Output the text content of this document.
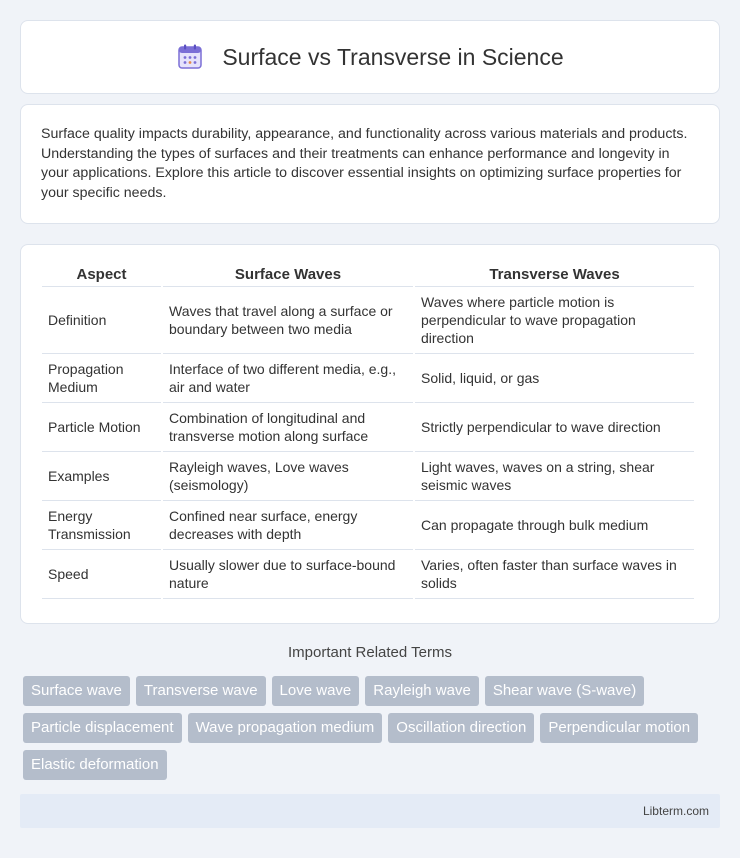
Surface vs Transverse in Science

Surface quality impacts durability, appearance, and functionality across various materials and products. Understanding the types of surfaces and their treatments can enhance performance and longevity in your applications. Explore this article to discover essential insights on optimizing surface properties for your specific needs.

Aspect	Surface Waves	Transverse Waves
Definition	Waves that travel along a surface or boundary between two media	Waves where particle motion is perpendicular to wave propagation direction
Propagation Medium	Interface of two different media, e.g., air and water	Solid, liquid, or gas
Particle Motion	Combination of longitudinal and transverse motion along surface	Strictly perpendicular to wave direction
Examples	Rayleigh waves, Love waves (seismology)	Light waves, waves on a string, shear seismic waves
Energy Transmission	Confined near surface, energy decreases with depth	Can propagate through bulk medium
Speed	Usually slower due to surface-bound nature	Varies, often faster than surface waves in solids
Important Related Terms
Surface wave	Transverse wave	Love wave	Rayleigh wave	Shear wave (S-wave)
Particle displacement	Wave propagation medium	Oscillation direction	Perpendicular motion
Elastic deformation
Libterm.com
